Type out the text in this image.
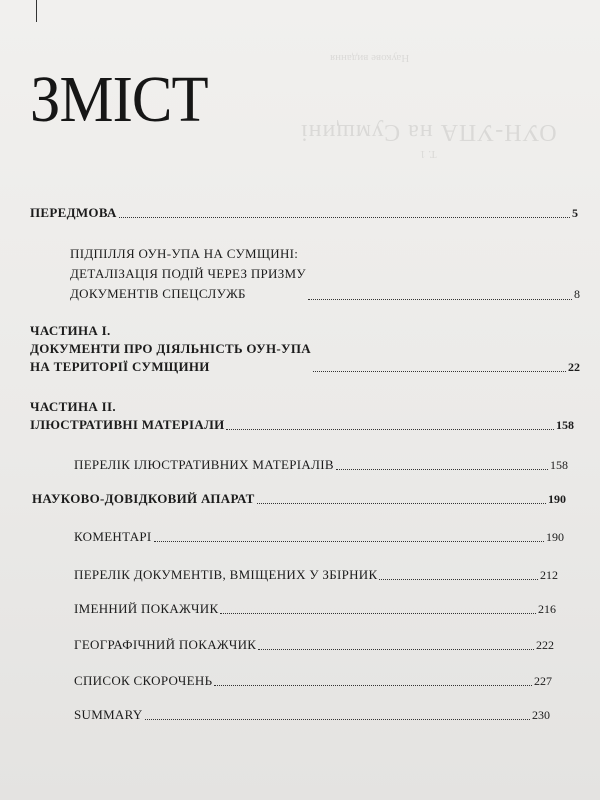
Наукове видання
ОУН-УПА на Сумщині
Т. 1
ЗМІСТ
ПЕРЕДМОВА	5
ПІДПІЛЛЯ ОУН-УПА НА СУМЩИНІ:
ДЕТАЛІЗАЦІЯ ПОДІЙ ЧЕРЕЗ ПРИЗМУ
ДОКУМЕНТІВ СПЕЦСЛУЖБ	8
ЧАСТИНА І.
ДОКУМЕНТИ ПРО ДІЯЛЬНІСТЬ ОУН-УПА
НА ТЕРИТОРІЇ СУМЩИНИ	22
ЧАСТИНА ІІ.
ІЛЮСТРАТИВНІ МАТЕРІАЛИ	158
ПЕРЕЛІК ІЛЮСТРАТИВНИХ МАТЕРІАЛІВ	158
НАУКОВО-ДОВІДКОВИЙ АПАРАТ	190
КОМЕНТАРІ	190
ПЕРЕЛІК ДОКУМЕНТІВ, ВМІЩЕНИХ У ЗБІРНИК	212
ІМЕННИЙ ПОКАЖЧИК	216
ГЕОГРАФІЧНИЙ ПОКАЖЧИК	222
СПИСОК СКОРОЧЕНЬ	227
SUMMARY	230
